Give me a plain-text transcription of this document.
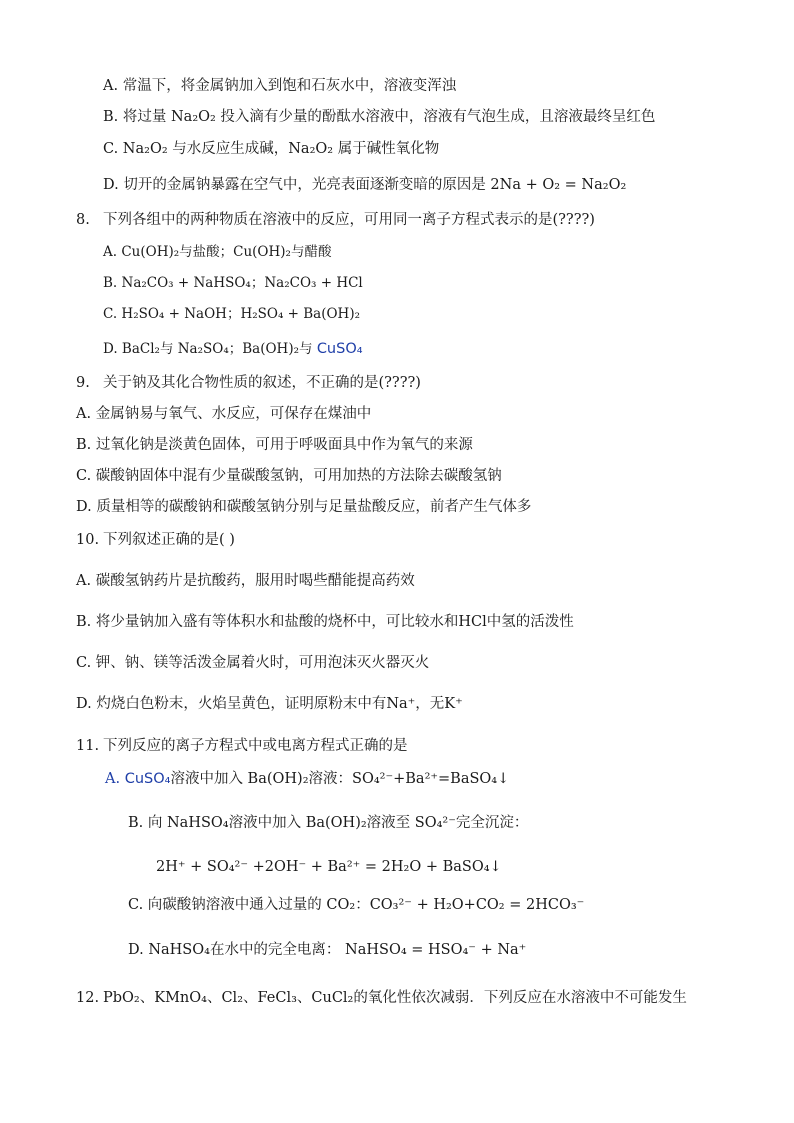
A. 常温下，将金属钠加入到饱和石灰水中，溶液变浑浊
B. 将过量 Na₂O₂ 投入滴有少量的酚酞水溶液中，溶液有气泡生成，且溶液最终呈红色
C. Na₂O₂ 与水反应生成碱，Na₂O₂ 属于碱性氧化物
D. 切开的金属钠暴露在空气中，光亮表面逐渐变暗的原因是 2Na + O₂ = Na₂O₂
8. 下列各组中的两种物质在溶液中的反应，可用同一离子方程式表示的是(????)
A. Cu(OH)₂与盐酸；Cu(OH)₂与醋酸
B. Na₂CO₃ + NaHSO₄；Na₂CO₃ + HCl
C. H₂SO₄ + NaOH；H₂SO₄ + Ba(OH)₂
D. BaCl₂与 Na₂SO₄；Ba(OH)₂与 CuSO₄
9. 关于钠及其化合物性质的叙述，不正确的是(????)
A. 金属钠易与氧气、水反应，可保存在煤油中
B. 过氧化钠是淡黄色固体，可用于呼吸面具中作为氧气的来源
C. 碳酸钠固体中混有少量碳酸氢钠，可用加热的方法除去碳酸氢钠
D. 质量相等的碳酸钠和碳酸氢钠分别与足量盐酸反应，前者产生气体多
10. 下列叙述正确的是( )
A. 碳酸氢钠药片是抗酸药，服用时喝些醋能提高药效
B. 将少量钠加入盛有等体积水和盐酸的烧杯中，可比较水和HCl中氢的活泼性
C. 钾、钠、镁等活泼金属着火时，可用泡沫灭火器灭火
D. 灼烧白色粉末，火焰呈黄色，证明原粉末中有Na⁺，无K⁺
11. 下列反应的离子方程式中或电离方程式正确的是
A. CuSO₄溶液中加入 Ba(OH)₂溶液：SO₄²⁻+Ba²⁺=BaSO₄↓
B. 向 NaHSO₄溶液中加入 Ba(OH)₂溶液至 SO₄²⁻完全沉淀：
2H⁺ + SO₄²⁻ +2OH⁻ + Ba²⁺ = 2H₂O + BaSO₄↓
C. 向碳酸钠溶液中通入过量的 CO₂：CO₃²⁻ + H₂O+CO₂ = 2HCO₃⁻
D. NaHSO₄在水中的完全电离： NaHSO₄ = HSO₄⁻ + Na⁺
12. PbO₂、KMnO₄、Cl₂、FeCl₃、CuCl₂的氧化性依次减弱．下列反应在水溶液中不可能发生
